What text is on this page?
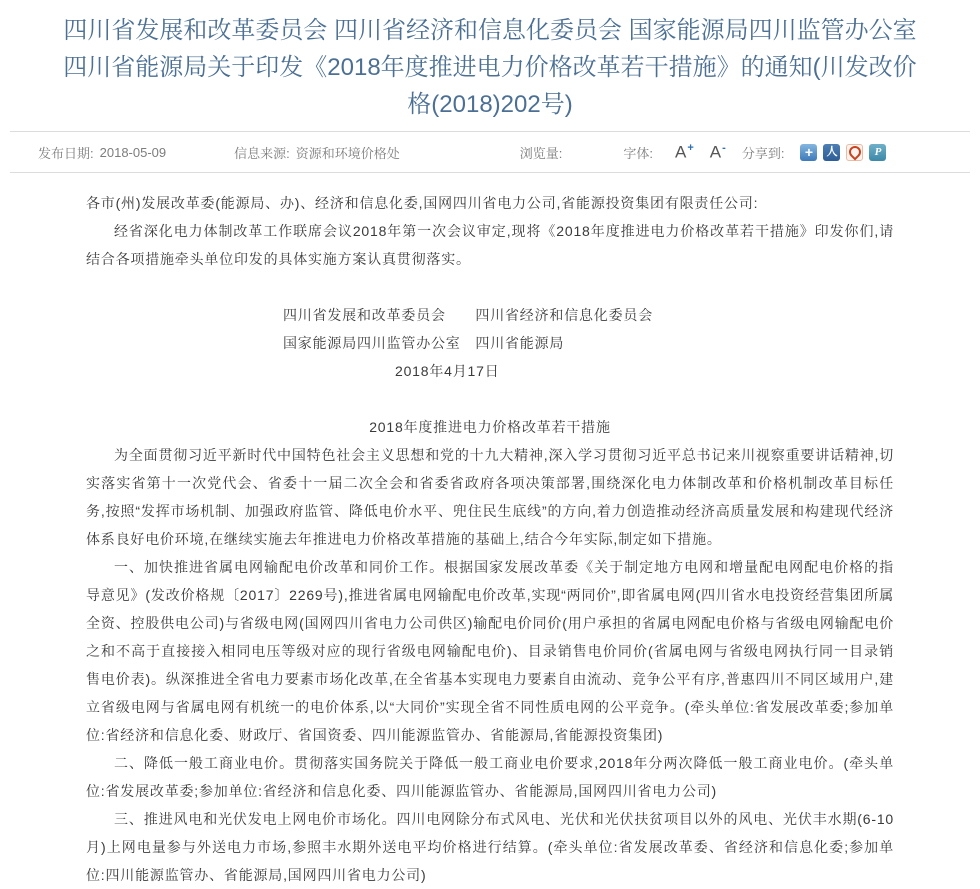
四川省发展和改革委员会 四川省经济和信息化委员会 国家能源局四川监管办公室 四川省能源局关于印发《2018年度推进电力价格改革若干措施》的通知(川发改价格(2018)202号)
发布日期: 2018-05-09	信息来源: 资源和环境价格处	浏览量:	字体: A+ A- 分享到:	+	人	P

各市(州)发展改革委(能源局、办)、经济和信息化委,国网四川省电力公司,省能源投资集团有限责任公司:

经省深化电力体制改革工作联席会议2018年第一次会议审定,现将《2018年度推进电力价格改革若干措施》印发你们,请结合各项措施牵头单位印发的具体实施方案认真贯彻落实。

四川省发展和改革委员会　　四川省经济和信息化委员会
国家能源局四川监管办公室　四川省能源局
2018年4月17日
2018年度推进电力价格改革若干措施

为全面贯彻习近平新时代中国特色社会主义思想和党的十九大精神,深入学习贯彻习近平总书记来川视察重要讲话精神,切实落实省第十一次党代会、省委十一届二次全会和省委省政府各项决策部署,围绕深化电力体制改革和价格机制改革目标任务,按照“发挥市场机制、加强政府监管、降低电价水平、兜住民生底线”的方向,着力创造推动经济高质量发展和构建现代经济体系良好电价环境,在继续实施去年推进电力价格改革措施的基础上,结合今年实际,制定如下措施。

一、加快推进省属电网输配电价改革和同价工作。根据国家发展改革委《关于制定地方电网和增量配电网配电价格的指导意见》(发改价格规〔2017〕2269号),推进省属电网输配电价改革,实现“两同价”,即省属电网(四川省水电投资经营集团所属全资、控股供电公司)与省级电网(国网四川省电力公司供区)输配电价同价(用户承担的省属电网配电价格与省级电网输配电价之和不高于直接接入相同电压等级对应的现行省级电网输配电价)、目录销售电价同价(省属电网与省级电网执行同一目录销售电价表)。纵深推进全省电力要素市场化改革,在全省基本实现电力要素自由流动、竞争公平有序,普惠四川不同区域用户,建立省级电网与省属电网有机统一的电价体系,以“大同价”实现全省不同性质电网的公平竞争。(牵头单位:省发展改革委;参加单位:省经济和信息化委、财政厅、省国资委、四川能源监管办、省能源局,省能源投资集团)

二、降低一般工商业电价。贯彻落实国务院关于降低一般工商业电价要求,2018年分两次降低一般工商业电价。(牵头单位:省发展改革委;参加单位:省经济和信息化委、四川能源监管办、省能源局,国网四川省电力公司)

三、推进风电和光伏发电上网电价市场化。四川电网除分布式风电、光伏和光伏扶贫项目以外的风电、光伏丰水期(6-10月)上网电量参与外送电力市场,参照丰水期外送电平均价格进行结算。(牵头单位:省发展改革委、省经济和信息化委;参加单位:四川能源监管办、省能源局,国网四川省电力公司)
